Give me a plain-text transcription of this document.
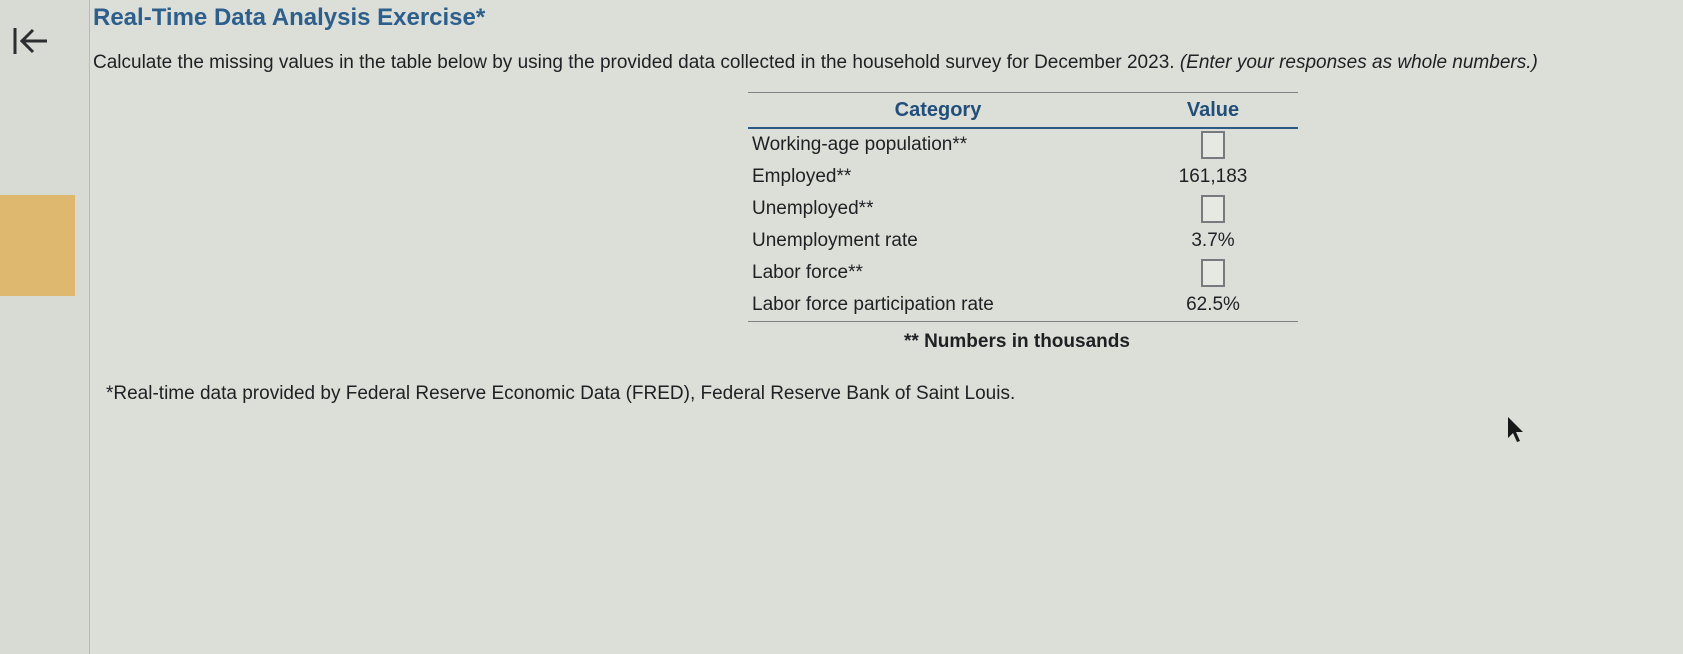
Real-Time Data Analysis Exercise*
Calculate the missing values in the table below by using the provided data collected in the household survey for December 2023. (Enter your responses as whole numbers.)
Category	Value
Working-age population**	
Employed**	161,183
Unemployed**	
Unemployment rate	3.7%
Labor force**	
Labor force participation rate	62.5%
** Numbers in thousands
*Real-time data provided by Federal Reserve Economic Data (FRED), Federal Reserve Bank of Saint Louis.
